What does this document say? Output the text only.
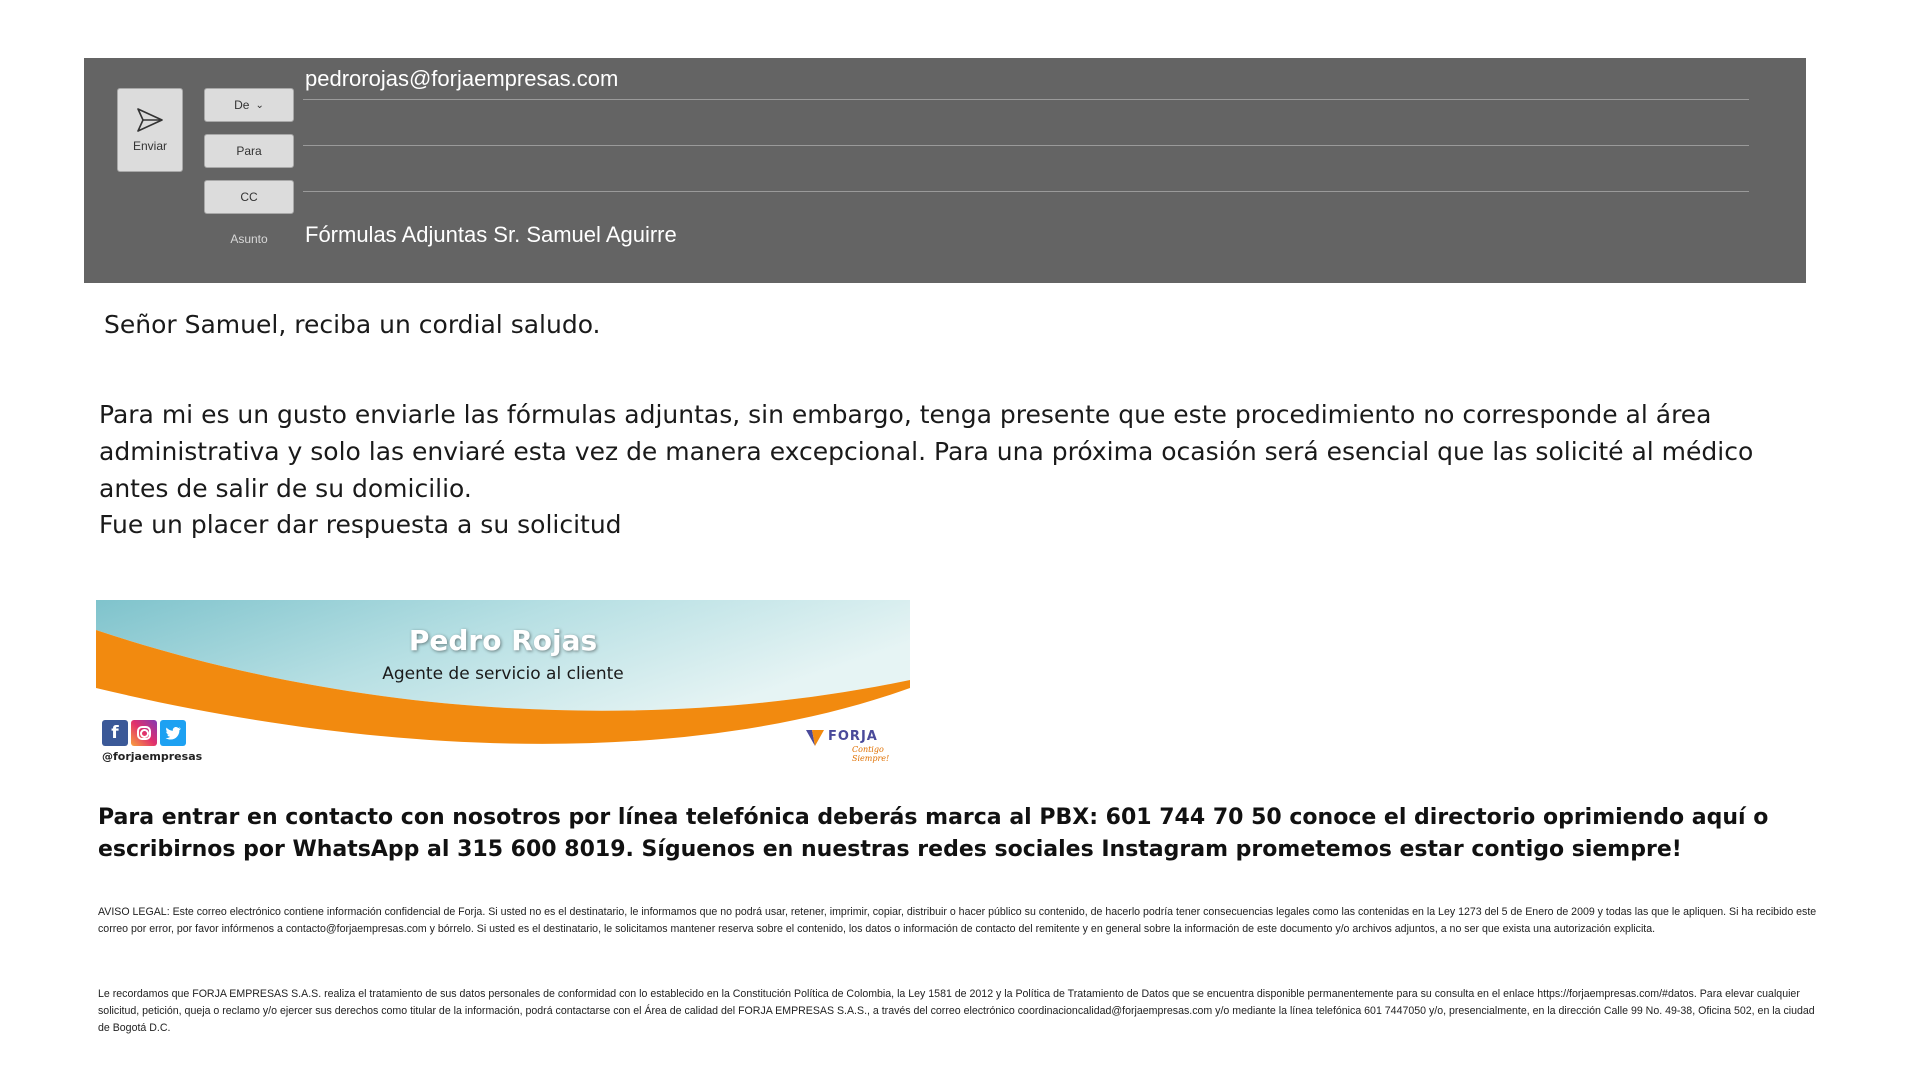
Enviar
De ⌄
Para
CC
Asunto
pedrorojas@forjaempresas.com
Fórmulas Adjuntas Sr. Samuel Aguirre
Señor Samuel, reciba un cordial saludo.
Para mi es un gusto enviarle las fórmulas adjuntas, sin embargo, tenga presente que este procedimiento no corresponde al área administrativa y solo las enviaré esta vez de manera excepcional. Para una próxima ocasión será esencial que las solicité al médico antes de salir de su domicilio.
Fue un placer dar respuesta a su solicitud
Pedro Rojas
Agente de servicio al cliente
f
@forjaempresas
FORJA
Contigo Siempre!
Para entrar en contacto con nosotros por línea telefónica deberás marca al PBX: 601 744 70 50 conoce el directorio oprimiendo aquí o escribirnos por WhatsApp al 315 600 8019. Síguenos en nuestras redes sociales Instagram prometemos estar contigo siempre!
AVISO LEGAL: Este correo electrónico contiene información confidencial de Forja. Si usted no es el destinatario, le informamos que no podrá usar, retener, imprimir, copiar, distribuir o hacer público su contenido, de hacerlo podría tener consecuencias legales como las contenidas en la Ley 1273 del 5 de Enero de 2009 y todas las que le apliquen. Si ha recibido este correo por error, por favor infórmenos a contacto@forjaempresas.com y bórrelo. Si usted es el destinatario, le solicitamos mantener reserva sobre el contenido, los datos o información de contacto del remitente y en general sobre la información de este documento y/o archivos adjuntos, a no ser que exista una autorización explicita.
Le recordamos que FORJA EMPRESAS S.A.S. realiza el tratamiento de sus datos personales de conformidad con lo establecido en la Constitución Política de Colombia, la Ley 1581 de 2012 y la Política de Tratamiento de Datos que se encuentra disponible permanentemente para su consulta en el enlace https://forjaempresas.com/#datos. Para elevar cualquier solicitud, petición, queja o reclamo y/o ejercer sus derechos como titular de la información, podrá contactarse con el Área de calidad del FORJA EMPRESAS S.A.S., a través del correo electrónico coordinacioncalidad@forjaempresas.com y/o mediante la línea telefónica 601 7447050 y/o, presencialmente, en la dirección Calle 99 No. 49-38, Oficina 502, en la ciudad de Bogotá D.C.
